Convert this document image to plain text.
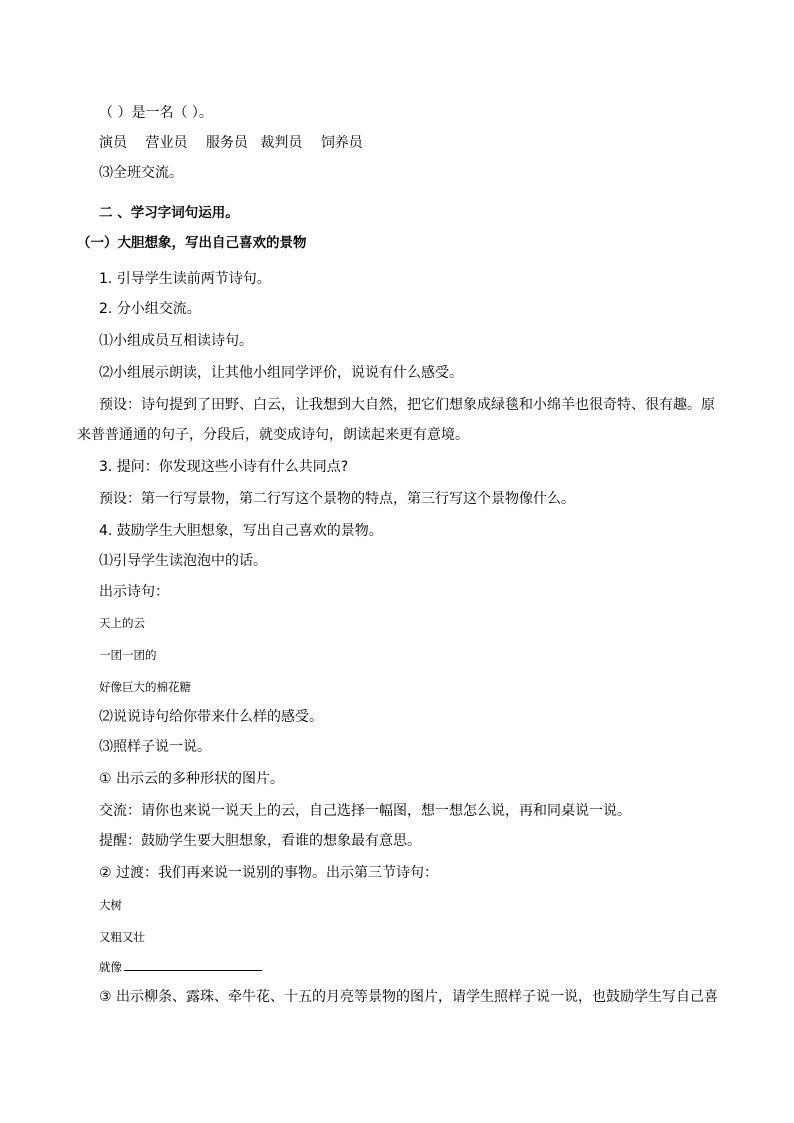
（ ）是一名（ ）。
演员 营业员 服务员 裁判员 饲养员
⑶全班交流。
二 、学习字词句运用。
（一）大胆想象，写出自己喜欢的景物
1. 引导学生读前两节诗句。
2. 分小组交流。
⑴小组成员互相读诗句。
⑵小组展示朗读，让其他小组同学评价，说说有什么感受。
预设：诗句提到了田野、白云，让我想到大自然，把它们想象成绿毯和小绵羊也很奇特、很有趣。原
来普普通通的句子，分段后，就变成诗句，朗读起来更有意境。
3. 提问：你发现这些小诗有什么共同点?
预设：第一行写景物，第二行写这个景物的特点，第三行写这个景物像什么。
4. 鼓励学生大胆想象，写出自己喜欢的景物。
⑴引导学生读泡泡中的话。
出示诗句：
天上的云
一团一团的
好像巨大的棉花糖
⑵说说诗句给你带来什么样的感受。
⑶照样子说一说。
① 出示云的多种形状的图片。
交流：请你也来说一说天上的云，自己选择一幅图，想一想怎么说，再和同桌说一说。
提醒：鼓励学生要大胆想象，看谁的想象最有意思。
② 过渡：我们再来说一说别的事物。出示第三节诗句：
大树
又粗又壮
就像
③ 出示柳条、露珠、牵牛花、十五的月亮等景物的图片，请学生照样子说一说，也鼓励学生写自己喜
